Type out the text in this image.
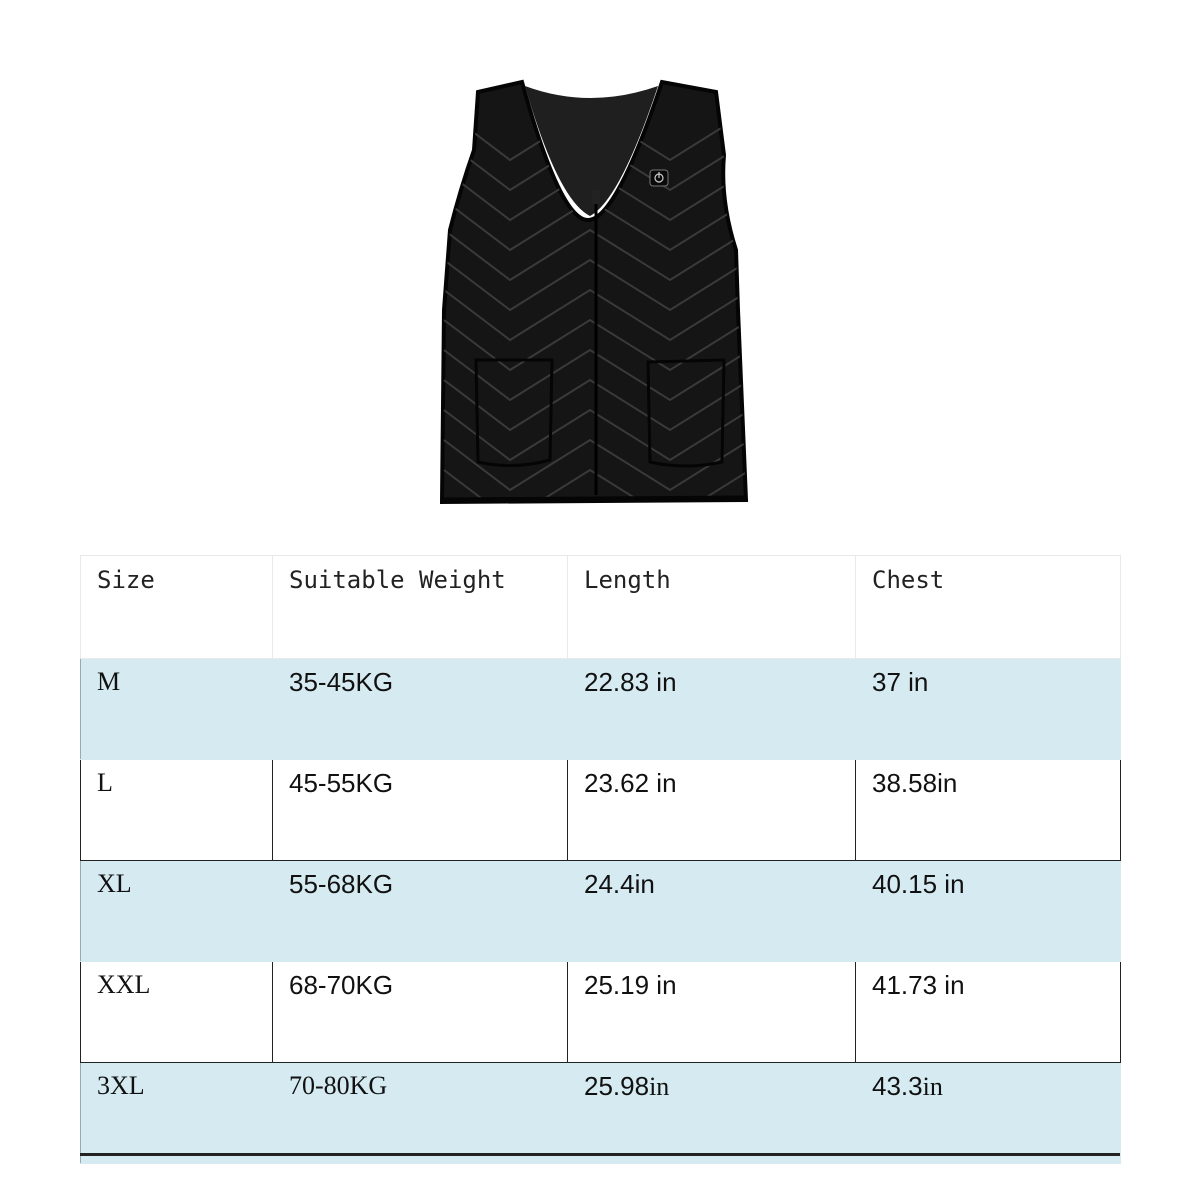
Size	Suitable Weight	Length	Chest
M	35-45KG	22.83 in	37 in
L	45-55KG	23.62 in	38.58in
XL	55-68KG	24.4in	40.15 in
XXL	68-70KG	25.19 in	41.73 in
3XL	70-80KG	25.98in	43.3in
